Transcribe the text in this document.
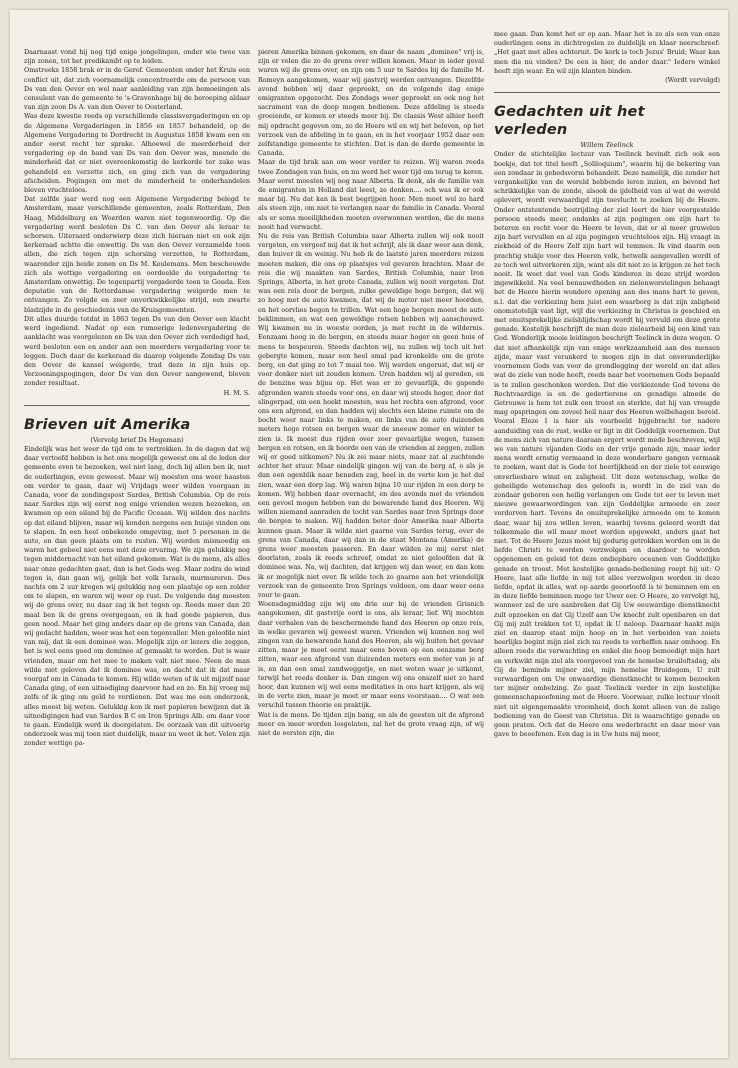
Daarnaast vond hij nog tijd enige jongelingen, onder wie twee van zijn zonen, tot het predikambt op te leiden.

Omstreeks 1858 brak er in de Geref. Gemeenten onder het Kruis een conflict uit, dat zich voornamelijk concentreerde om de persoon van Ds van den Oever en wel naar aanleiding van zijn bemoeiingen als consulent van de gemeente te 's-Gravenhage bij de beroeping aldaar van zijn zoon Ds A. van den Oever te Oosterland.

Was deze kwestie reeds op verschillende classisvergaderingen en op de Algemene Vergaderingen in 1856 en 1857 behandeld, op de Algemene Vergadering te Dordrecht in Augustus 1858 kwam een en ander eerst recht ter sprake. Alhoewel de meerderheid der vergadering op de hand van Ds van den Oever was, meende de minderheid dat er niet overeenkomstig de kerkorde ter zake was gehandeld en verzette zich, en ging zich van de vergadering afscheiden. Pogingen om met de minderheid te onderhandelen bleven vruchteloos.

Dat zelfde jaar werd nog een Algemene Vergadering belegd te Amsterdam, maar verschillende gemeenten, zoals Rotterdam, Den Haag, Middelburg en Woerden waren niet tegenwoordig. Op die vergadering werd besloten Ds C. van den Oever als leraar te schorsen. Uiteraard onderwierp deze zich hieraan niet en ook zijn kerkeraad achtte die onwettig. Ds van den Oever verzamelde toen allen, die zich tegen zijn schorsing verzetten, te Rotterdam, waaronder zijn beide zonen en Ds M. Keulemans. Men beschouwde zich als wettige vergadering en oordeelde de vergadering te Amsterdam onwettig. De tegenpartij vergaderde toen te Gouda. Een deputatie van de Rotterdamse vergadering weigerde men te ontvangen. Zo volgde en zeer onverkwikkelijke strijd, een zwarte bladzijde in de geschiedenis van de Kruisgemeenten.

Dit alles duurde totdat in 1863 tegen Ds van den Oever een klacht werd ingediend. Nadat op een rumoerige ledenvergadering de aanklacht was voorgelezen en Ds van den Oever zich verdedigd had, werd besloten een en ander aan een meerdere vergadering voor te leggen. Doch daar de kerkeraad de daarop volgende Zondag Ds van den Oever de kansel weigerde, trad deze in zijn huis op. Verzoeningspogingen, door Ds van den Oever aangewend, bleven zonder resultaat.

H. M. S.

Brieven uit Amerika

(Vervolg brief Ds Hegeman)

Eindelijk was het weer de tijd om te vertrekken. In de dagen dat wij daar vertoefd hebben is het ons mogelijk geweest om al de leden der gemeente even te bezoeken, wel niet lang, doch bij allen ben ik, met de ouderlingen, even geweest. Maar wij moesten ons weer haasten om verder te gaan, daar wij Vrijdags weer wilden voorgaan in Canada, voor de zendingspost Sardes, British Columbia. Op de reis naar Sardes zijn wij eerst nog enige vrienden wezen bezoeken, en kwamen op een eiland bij de Pacific Oceaan. Wij wilden des nachts op dat eiland blijven, maar wij konden nergens een huisje vinden om te slapen. In een heel onbekende omgeving, met 5 personen in de auto, en dan geen plaats om te rusten. Wij werden mismoedig en waren het gebeel niet eens met deze ervaring. We zijn gelukkig nog tegen middernacht van het eiland gekomen. Wat is de mens, als alles naar onze gedachten gaat, dan is het Gods weg. Maar zodra de wind tegen is, dan gaan wij, gelijk het volk Israels, murmureren. Des nachts om 2 uur kregen wij gelukkig nog een plaatsje op een zolder om te slapen, en waren wij weer op rust. De volgende dag moesten wij de grens over, nu daar zag ik het tegen op. Reeds meer dan 20 maal ben ik de grens overgegaan, en ik had goede papieren, dus geen nood. Maar het ging anders daar op de grens van Canada, dan wij gedacht hadden, weer was het een tegenvaller. Men geloofde niet van mij, dat ik een dominee was. Mogelijk zijn er lezers die zeggen, het is wel eens goed om dominee af gemaakt te worden. Dat is waar vrienden, maar om het mee te maken valt niet mee. Neen de man wilde niet geloven dat ik dominee was, en dacht dat ik dat maar voorgaf om in Canada te komen. Hij wilde weten of ik uit mijzelf naar Canada ging, of een uitnodiging daarvoor had en zo. En hij vroeg mij zelfs of ik ging om geld te verdienen. Dat was me een onderzoek, alles moest bij weten. Gelukkig kon ik met papieren bewijzen dat ik uitnodigingen had van Sardes B C en Iron Springs Alb. om daar voor te gaan. Eindelijk werd ik doorgelaten. De oorzaak van dit uitvoerig onderzoek was mij toen niet duidelijk, maar nu weet ik het. Velen zijn zonder wettige pa-

pieren Amerika binnen gekomen, en daar de naam „dominee" vrij is, zijn er velen die zo de grens over willen komen. Maar in ieder geval waren wij de grens over, en zijn om 5 uur te Sardes bij de familie M. Romeyn aangekomen, waar wij gastvrij werden ontvangen. Dezelfde avond hebben wij daar gepreekt, en de volgende dag enige emigranten opgezocht. Des Zondags weer gepreekt en ook nog het sacrament van de doop mogen bedienen. Deze afdeling is steeds groeiende, er komen er steeds meer bij. De classis West alhier heeft mij opdracht gegeven om, zo de Heere wil en wij het beleven, op het verzoek van de afdeling in te gaan, en in het voorjaar 1952 daar een zelfstandige gemeente te stichten. Dat is dan de derde gemeente in Canada.

Maar de tijd brak aan om weer verder te reizen. Wij waren reeds twee Zondagen van huis, en nu werd het weer tijd om terug te keren. Maar eerst moesten wij nog naar Alberta. Ik denk, als de familie van de emigranten in Holland dat leest, ze denken.... och was ik er ook maar bij. Nu dat kan ik best begrijpen hoor. Men moet wel zo hard als steen zijn, om niet te verlangen naar de familie in Canada. Vooral als er soms moeilijkheden moeten overwonnen worden, die de mens nooit had verwacht.

Nu de reis van British Columbia naar Alberta zullen wij ook nooit vergeten, en vergeef mij dat ik het schrijf, als ik daar weer aan denk, dan huiver ik en weinig. Nu heb ik de laatste jaren meerdere reizen moeten maken, die ons op plaatsjes vol gevaren brachten. Maar de reis die wij maakten van Sardes, British Columbia, naar Iron Springs, Alberta, in het grote Canada, zullen wij nooit vergeten. Dat was een reis door de bergen, zulke geweldige hoge bergen, dat wij zo hoog met de auto kwamen, dat wij de motor niet meer hoorden, en het oorvlies begon te trillen. Wat een hoge bergen moest de auto beklimmen, en wat een geweldige rotsen hebben wij aanschouwd. Wij kwamen nu in woeste oorden, ja met recht in de wildernis. Eenzaam hoog in de bergen, en steeds maar hoger en geen huis of mens te bespeuren. Steeds dachten wij, nu zullen wij toch uit het gebergte komen, maar een heel smal pad kronkelde om de grote berg, en dat ging zo tot 7 maal toe. Wij werden ongerust, dat wij er voor donker niet uit zouden komen. Uren hadden wij al gereden, en de benzine was bijna op. Het was er zo gevaarlijk, de gapende afgronden waren steeds voor ons, en daar wij steeds hoger, door dat slingerpad, om een hoekt moesten, was het rechts een afgrond, voor ons een afgrond, en dan hadden wij slechts een kleine ruimte om de bocht weer naar links te maken, en links van de auto duizenden meters hoge rotsen en bergen waar de sneeuw zomer en winter te zien is. Ik moest dus rijden over zeer gevaarlijke wegen, tussen bergen en rotsen, en ik hoorde een van de vrienden al zeggen, zullen wij er goed uitkomen? Nu ik zei maar niets, maar zat al zuchtende achter het stuur. Maar eindelijk gingen wij van de berg af, o als je dan een ogenblik naar beneden zag, heel in de verte kon je het dal zien, waar een dorp lag. Wij waren bijna 10 uur rijden in een dorp te komen. Wij hebben daar overnacht, en des avonds met de vrienden een gevoel mogen hebben van de bewarende hand des Heeren. Wij willen niemand aanraden de tocht van Sardes naar Iron Springs door de bergen te maken. Wij hadden beter door Amerika naar Alberta kunnen gaan. Maar ik wilde niet gaarne van Sardes terug, over de grens van Canada, daar wij dan in de staat Montana (Amerika) de grens weer moesten passeren. En daar wilden ze mij eerst niet doorlaten, zoals ik reeds schreef, omdat ze niet geloofden dat ik dominee was. Na, wij dachten, dat krijgen wij dan weer, en dan kom ik er mogelijk niet over. Ik wilde toch zo gaarne aan het vriendelijk verzoek van de gemeente Iron Springs voldoen, om daar weer eens voor te gaan.

Woensdagmiddag zijn wij om drie uur bij de vrienden Grisnich aangekomen, dit gastvrije oord is ons, als leraar, lief. Wij mochten daar verhalen van de beschermende hand des Heeren op onze reis, in welke gevaren wij geweest waren. Vrienden wij kunnen nog wel zingen van de bewarende hand des Heeren, als wij buiten het gevaar zitten, maar je moet eerst maar eens boven op een eenzame berg zitten, waar een afgrond van duizenden meters een meter van je af is, en dan een smal zandweggetje, en niet weten waar je uitkomt, terwijl het reeds donker is. Dan zingen wij ons onszelf niet zo hard hoor, dan kunnen wij wel eens meditaties in ons hart krijgen, als wij in de verte zien, maar je moet er maar eens voorstaan.... O wat een verschil tussen theorie en praktijk.

Wat is de mens. De tijden zijn bang, en als de geesten uit de afgrond meer en meer worden losgelaten, zal het de grote vraag zijn, of wij niet de eersten zijn, die

mee gaan. Dan komt het er op aan. Maar het is zo als een van onze ouderlingen eens in dichtregelen zo duidelijk en klaar neerschreef: „Het gaat met alles achteruit. De kerk is toch Jezus' Bruid; Waar kan men die nu vinden? De een is hier, de ander daar." Iedere winkel heeft zijn waar. En wil zijn klanten binden.

(Wordt vervolgd)

Gedachten uit het verleden

Willem Teelinck

Onder de stichtelijke lectuur van Teelinck bevindt zich ook een boekje, dat tot titel heeft „Soliloquium", waarin hij de bekering van een zondaar in gebedsvorm behandelt. Deze namelijk, die zonder het vergankelijke van de wereld hebbende leren inzien, en bevond het schrikkelijke van de zonde, alsook de ijdelheid van al wat de wereld oplevert, wordt verwaardigd zijn toevlucht te zoeken bij de Heere. Onder ontstentende bestrijding der ziel leert de hier voorgestelde persoon steeds meer, ondanks al zijn pogingen om zijn hart te beteren en recht voor de Heere te leven, dat er al meer gruwelen zijn hart vervullen en al zijn pogingen vruchteloos zijn. Hij vraagt in ziekheid of de Heere Zelf zijn hart wil temmen. Ik vind daarin een prachtig stukje voor des Heeren volk, hetwelk aangevallen wordt of ze toch wel uitverkoren zijn, want als dit niet zo is krijgen ze het toch nooit. Ik weet dat veel van Gods kinderen in deze strijd worden ingewikkeld. Na veel benauwdheden en zielenworstelingen behaagt het de Heere hierin wondere opening aan des mans hart te geven, n.l. dat die verkiezing hem juist een waarborg is dat zijn zaligheid onomstotelijk vast ligt, wijl die verkiezing in Christus is geschied en met onuitsprekelijke zielsblijdschap wordt hij vervuld om deze grote genade. Kostelijk beschrijft de man deze zielearbeid bij een kind van God. Wonderlijk mooie leidingen beschrijft Teelinck in deze wegen. O dat niet afhankelijk zijn van enige werkzaamheid aan des mensen zijde, maar vast verankerd te mogen zijn in dat onveranderlijke voornemen Gods van voor de grondlegging der wereld en dat alles wat de ziele van node heeft, reeds naar het voornemen Gods bepaald is te zullen geschonken worden. Dat die verkiezende God tevens de Rechtvaardige is en de gedertierene en genadige almede de Getrouwe is hem tot zulk een troost en sterkte, dat hij van vreugde mag opspringen om zoveel heil naar des Heeren welbehagen bereid. Vooral Eleze I is hier als voorbeeld bijgebracht ter nadere aanduiding van de rust, welke er ligt in dit Goddelijk voornemen. Dat de mens zich van nature daaraan ergert wordt mede beschreven, wijl we van nature vijanden Gods en der vrije genade zijn, maar ieder mens wordt ernstig vermaand in deze wonderbare gangen vermaak te zoeken, want dat is Gode tot heerlijkheid en der ziele tot eeuwige onverliesbare winst en zaligheid. Uit deze wetenschap, welke de geheiligde wetenschap des geloofs is, wordt in de ziel van de zondaar geboren een heilig verlangen om Gode tot eer te leven met nieuwe gewaarwordingen van zijn Goddelijke armoede en zeer verdorven hart. Tevens de onuitsprekelijke armoede om te komen daar, waar hij zou willen leven, waarbij tevens geleerd wordt dat telkenmale die wil maar moet worden opgewekt, anders gaat het niet. Tot de Heere Jezus moet hij gedurig getrokken worden om in de liefde Christi te worden verzwolgen en daardoor te worden opgenomen en geleid tot deze ondiepbare oceanen van Goddelijke genade en troost. Met kostelijke genade-bediening roept hij uit: O Heere, laat alle liefde in mij tot alles verzwolgen worden in deze liefde, opdat ik alles, wat op aarde geoorloofd is te beminnen om en in deze liefde beminnen moge ter Uwer eer. O Heere, zo vervolgt hij, wanneer zal de ure aanbreken dat Gij Uw eeuwardige dienstknecht zult opzoeken en dat Gij Uzelf aan Uw knecht zult openbaren en dat Gij mij zult trekken tot U, opdat ik U naloop. Daarnaar haakt mijn ziel en daarop staat mijn hoop en in het verbeiden van zoiets heerlijks begint mijn ziel zich nu reeds te verheffen naar omhoog. En alleen reeds die verwachting en enkel die hoop bemoedigt mijn hart en verkwikt mijn ziel als voorgevoel van de hemelse bruiloftsdag, als Gij de beminde mijner ziel, mijn hemelse Bruidegom, U zult verwaardigen om Uw onwaardige dienstknecht te komen bezoeken ter mijner ombelzing. Zo gaat Teelinck verder in zijn kostelijke gemeenschapsoefening met de Heere. Voorwaar, zulke lectuur vloeit niet uit eigengemaakte vroomheid, doch komt alleen van de zalige bediening van de Geest van Christus. Dit is waarachtige genade en geen praten. Och dat de Heere ons wederbracht en daar meer van gave te beoefenen. Een dag is in Uw huis mij meer,
